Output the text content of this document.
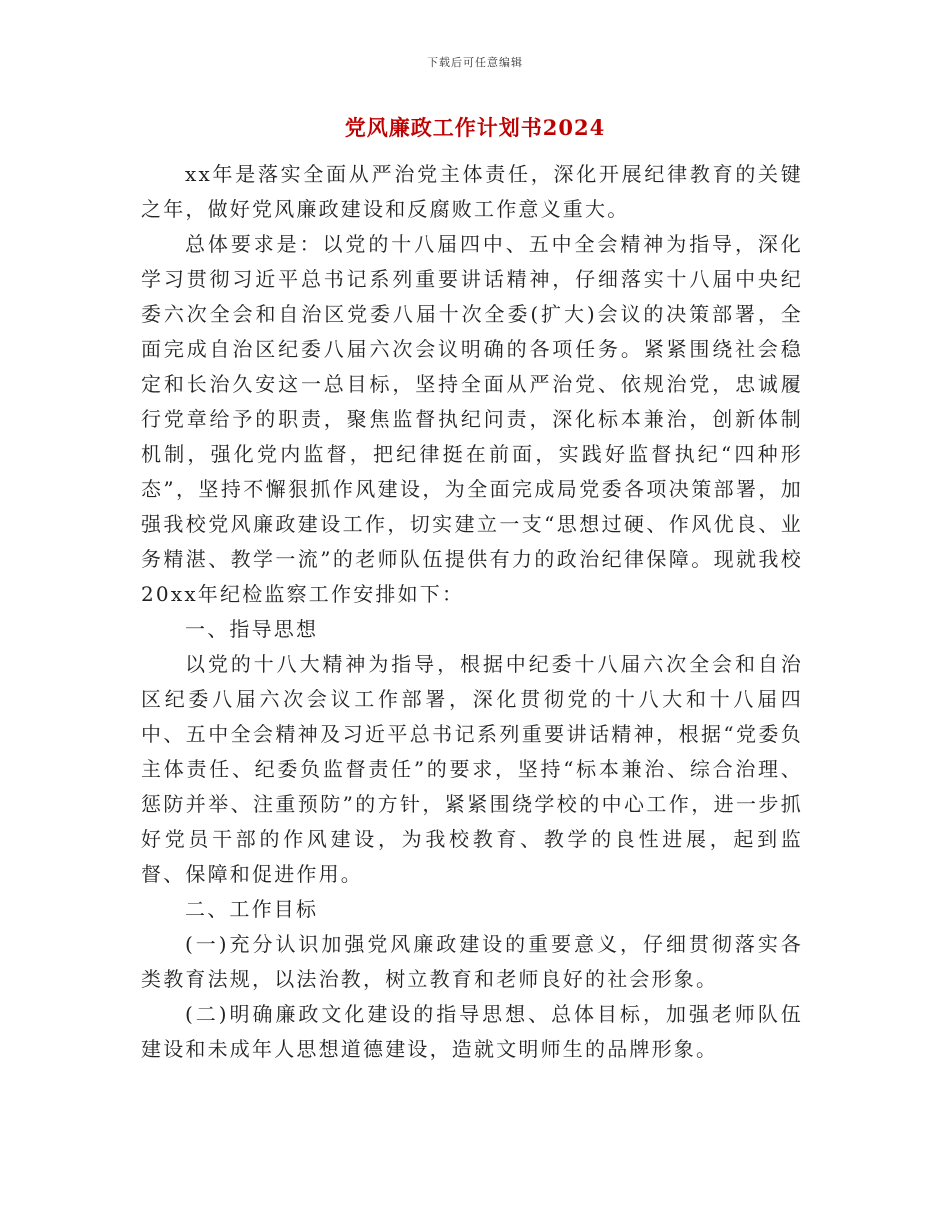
下载后可任意编辑
党风廉政工作计划书2024

xx年是落实全面从严治党主体责任，深化开展纪律教育的关键之年，做好党风廉政建设和反腐败工作意义重大。

总体要求是：以党的十八届四中、五中全会精神为指导，深化学习贯彻习近平总书记系列重要讲话精神，仔细落实十八届中央纪委六次全会和自治区党委八届十次全委(扩大)会议的决策部署，全面完成自治区纪委八届六次会议明确的各项任务。紧紧围绕社会稳定和长治久安这一总目标，坚持全面从严治党、依规治党，忠诚履行党章给予的职责，聚焦监督执纪问责，深化标本兼治，创新体制机制，强化党内监督，把纪律挺在前面，实践好监督执纪“四种形态”，坚持不懈狠抓作风建设，为全面完成局党委各项决策部署，加强我校党风廉政建设工作，切实建立一支“思想过硬、作风优良、业务精湛、教学一流”的老师队伍提供有力的政治纪律保障。现就我校20xx年纪检监察工作安排如下：

一、指导思想

以党的十八大精神为指导，根据中纪委十八届六次全会和自治区纪委八届六次会议工作部署，深化贯彻党的十八大和十八届四中、五中全会精神及习近平总书记系列重要讲话精神，根据“党委负主体责任、纪委负监督责任”的要求，坚持“标本兼治、综合治理、惩防并举、注重预防”的方针，紧紧围绕学校的中心工作，进一步抓好党员干部的作风建设，为我校教育、教学的良性进展，起到监督、保障和促进作用。

二、工作目标

(一)充分认识加强党风廉政建设的重要意义，仔细贯彻落实各类教育法规，以法治教，树立教育和老师良好的社会形象。

(二)明确廉政文化建设的指导思想、总体目标，加强老师队伍建设和未成年人思想道德建设，造就文明师生的品牌形象。
